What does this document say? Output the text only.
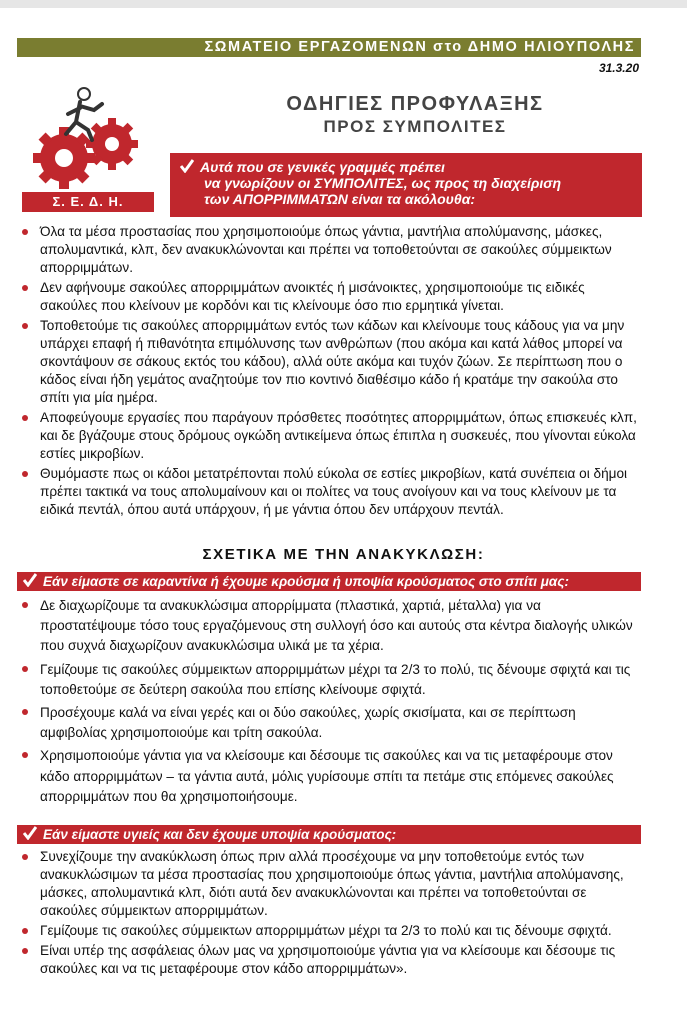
ΣΩΜΑΤΕΙΟ ΕΡΓΑΖΟΜΕΝΩΝ στο ΔΗΜΟ ΗΛΙΟΥΠΟΛΗΣ
31.3.20
Σ. Ε. Δ. Η.
ΟΔΗΓΙΕΣ ΠΡΟΦΥΛΑΞΗΣ
ΠΡΟΣ ΣΥΜΠΟΛΙΤΕΣ
Αυτά που σε γενικές γραμμές πρέπει
να γνωρίζουν οι ΣΥΜΠΟΛΙΤΕΣ, ως προς τη διαχείριση
των ΑΠΟΡΡΙΜΜΑΤΩΝ είναι τα ακόλουθα:
Όλα τα μέσα προστασίας που χρησιμοποιούμε όπως γάντια, μαντήλια απολύμανσης, μάσκες, απολυμαντικά, κλπ, δεν ανακυκλώνονται και πρέπει να τοποθετούνται σε σακούλες σύμμεικτων απορριμμάτων.
Δεν αφήνουμε σακούλες απορριμμάτων ανοικτές ή μισάνοικτες, χρησιμοποιούμε τις ειδικές σακούλες που κλείνουν με κορδόνι και τις κλείνουμε όσο πιο ερμητικά γίνεται.
Τοποθετούμε τις σακούλες απορριμμάτων εντός των κάδων και κλείνουμε τους κάδους για να μην υπάρχει επαφή ή πιθανότητα επιμόλυνσης των ανθρώπων (που ακόμα και κατά λάθος μπορεί να σκοντάψουν σε σάκους εκτός του κάδου), αλλά ούτε ακόμα και τυχόν ζώων. Σε περίπτωση που ο κάδος είναι ήδη γεμάτος αναζητούμε τον πιο κοντινό διαθέσιμο κάδο ή κρατάμε την σακούλα στο σπίτι για μία ημέρα.
Αποφεύγουμε εργασίες που παράγουν πρόσθετες ποσότητες απορριμμάτων, όπως επισκευές κλπ, και δε βγάζουμε στους δρόμους ογκώδη αντικείμενα όπως έπιπλα η συσκευές, που γίνονται εύκολα εστίες μικροβίων.
Θυμόμαστε πως οι κάδοι μετατρέπονται πολύ εύκολα σε εστίες μικροβίων, κατά συνέπεια οι δήμοι πρέπει τακτικά να τους απολυμαίνουν και οι πολίτες να τους ανοίγουν και να τους κλείνουν με τα ειδικά πεντάλ, όπου αυτά υπάρχουν, ή με γάντια όπου δεν υπάρχουν πεντάλ.
ΣΧΕΤΙΚΑ ΜΕ ΤΗΝ ΑΝΑΚΥΚΛΩΣΗ:
Εάν είμαστε σε καραντίνα ή έχουμε κρούσμα ή υποψία κρούσματος στο σπίτι μας:
Δε διαχωρίζουμε τα ανακυκλώσιμα απορρίμματα (πλαστικά, χαρτιά, μέταλλα) για να προστατέψουμε τόσο τους εργαζόμενους στη συλλογή όσο και αυτούς στα κέντρα διαλογής υλικών που συχνά διαχωρίζουν ανακυκλώσιμα υλικά με τα χέρια.
Γεμίζουμε τις σακούλες σύμμεικτων απορριμμάτων μέχρι τα 2/3 το πολύ, τις δένουμε σφιχτά και τις τοποθετούμε σε δεύτερη σακούλα που επίσης κλείνουμε σφιχτά.
Προσέχουμε καλά να είναι γερές και οι δύο σακούλες, χωρίς σκισίματα, και σε περίπτωση αμφιβολίας χρησιμοποιούμε και τρίτη σακούλα.
Χρησιμοποιούμε γάντια για να κλείσουμε και δέσουμε τις σακούλες και να τις μεταφέρουμε στον κάδο απορριμμάτων – τα γάντια αυτά, μόλις γυρίσουμε σπίτι τα πετάμε στις επόμενες σακούλες απορριμμάτων που θα χρησιμοποιήσουμε.
Εάν είμαστε υγιείς και δεν έχουμε υποψία κρούσματος:
Συνεχίζουμε την ανακύκλωση όπως πριν αλλά προσέχουμε να μην τοποθετούμε εντός των ανακυκλώσιμων τα μέσα προστασίας που χρησιμοποιούμε όπως γάντια, μαντήλια απολύμανσης, μάσκες, απολυμαντικά κλπ, διότι αυτά δεν ανακυκλώνονται και πρέπει να τοποθετούνται σε σακούλες σύμμεικτων απορριμμάτων.
Γεμίζουμε τις σακούλες σύμμεικτων απορριμμάτων μέχρι τα 2/3 το πολύ και τις δένουμε σφιχτά.
Είναι υπέρ της ασφάλειας όλων μας να χρησιμοποιούμε γάντια για να κλείσουμε και δέσουμε τις σακούλες και να τις μεταφέρουμε στον κάδο απορριμμάτων».
